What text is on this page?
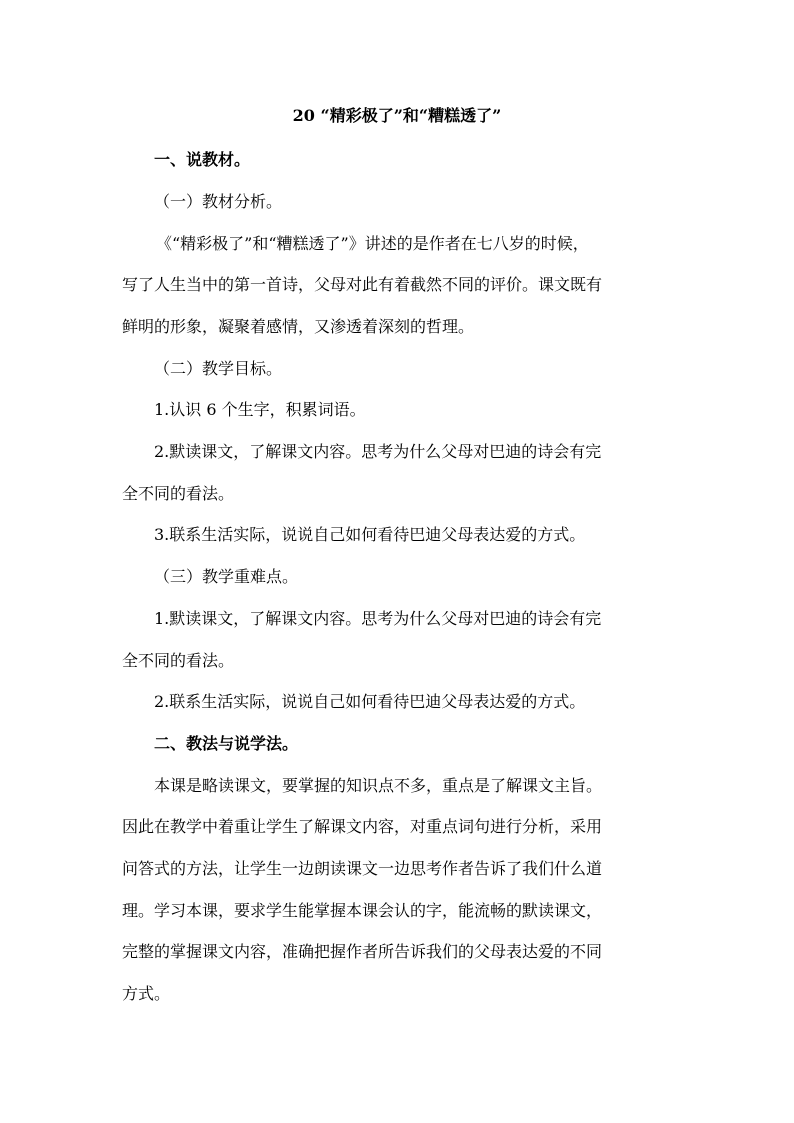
20 “精彩极了”和“糟糕透了”
一、说教材。
（一）教材分析。
《“精彩极了”和“糟糕透了”》讲述的是作者在七八岁的时候，
写了人生当中的第一首诗，父母对此有着截然不同的评价。课文既有
鲜明的形象，凝聚着感情，又渗透着深刻的哲理。
（二）教学目标。
1.认识 6 个生字，积累词语。
2.默读课文，了解课文内容。思考为什么父母对巴迪的诗会有完
全不同的看法。
3.联系生活实际，说说自己如何看待巴迪父母表达爱的方式。
（三）教学重难点。
1.默读课文，了解课文内容。思考为什么父母对巴迪的诗会有完
全不同的看法。
2.联系生活实际，说说自己如何看待巴迪父母表达爱的方式。
二、教法与说学法。
本课是略读课文，要掌握的知识点不多，重点是了解课文主旨。
因此在教学中着重让学生了解课文内容，对重点词句进行分析，采用
问答式的方法，让学生一边朗读课文一边思考作者告诉了我们什么道
理。学习本课，要求学生能掌握本课会认的字，能流畅的默读课文，
完整的掌握课文内容，准确把握作者所告诉我们的父母表达爱的不同
方式。
